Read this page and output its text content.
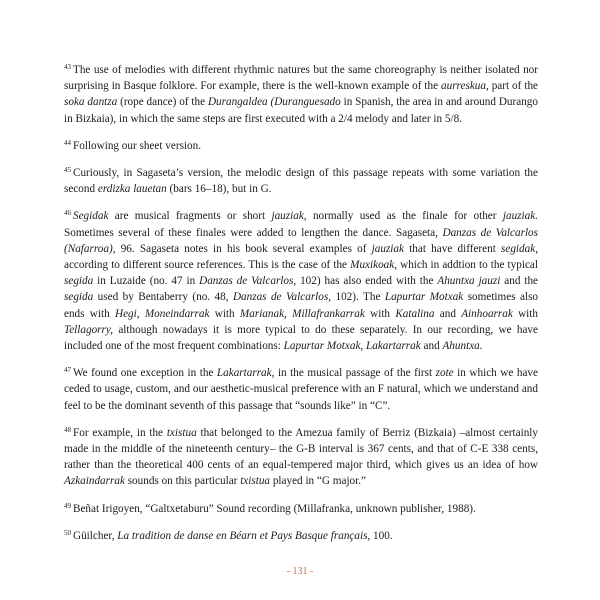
$^{43}$ The use of melodies with different rhythmic natures but the same choreography is neither isolated nor surprising in Basque folklore. For example, there is the well-known example of the aurreskua, part of the soka dantza (rope dance) of the Durangaldea (Duranguesado in Spanish, the area in and around Durango in Bizkaia), in which the same steps are first executed with a 2/4 melody and later in 5/8.

$^{44}$ Following our sheet version.

$^{45}$ Curiously, in Sagaseta’s version, the melodic design of this passage repeats with some variation the second erdizka lauetan (bars 16–18), but in G.

$^{46}$ Segidak are musical fragments or short jauziak, normally used as the finale for other jauziak. Sometimes several of these finales were added to lengthen the dance. Sagaseta, Danzas de Valcarlos (Nafarroa), 96. Sagaseta notes in his book several examples of jauziak that have different segidak, according to different source references. This is the case of the Muxikoak, which in addtion to the typical segida in Luzaide (no. 47 in Danzas de Valcarlos, 102) has also ended with the Ahuntxa jauzi and the segida used by Bentaberry (no. 48, Danzas de Valcarlos, 102). The Lapurtar Motxak sometimes also ends with Hegi, Moneindarrak with Marianak, Millafrankarrak with Katalina and Ainhoarrak with Tellagorry, although nowadays it is more typical to do these separately. In our recording, we have included one of the most frequent combinations: Lapurtar Motxak, Lakartarrak and Ahuntxa.

$^{47}$ We found one exception in the Lakartarrak, in the musical passage of the first zote in which we have ceded to usage, custom, and our aesthetic-musical preference with an F natural, which we understand and feel to be the dominant seventh of this passage that “sounds like” in “C”.

$^{48}$ For example, in the txistua that belonged to the Amezua family of Berriz (Bizkaia) –almost certainly made in the middle of the nineteenth century– the G-B interval is 367 cents, and that of C-E 338 cents, rather than the theoretical 400 cents of an equal-tempered major third, which gives us an idea of how Azkaindarrak sounds on this particular txistua played in “G major.”

$^{49}$ Beñat Irigoyen, “Galtxetaburu” Sound recording (Millafranka, unknown publisher, 1988).

$^{50}$ Güilcher, La tradition de danse en Béarn et Pays Basque français, 100.

- 131 -
